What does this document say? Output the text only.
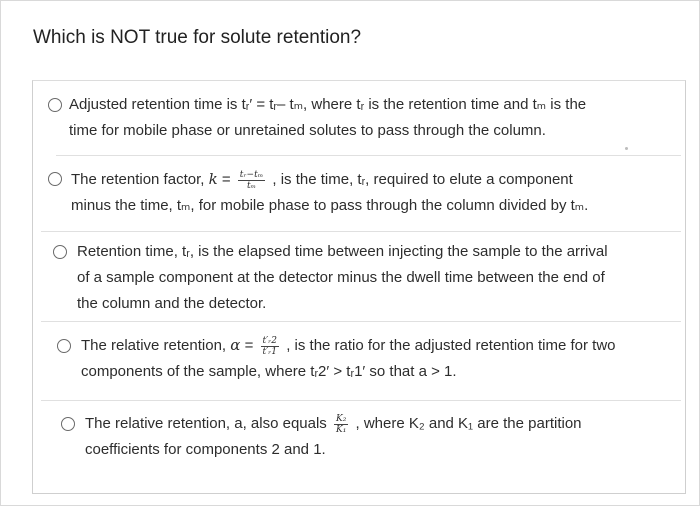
Which is NOT true for solute retention?
Adjusted retention time is tᵣ′ = tᵣ– tₘ, where tᵣ is the retention time and tₘ is the
time for mobile phase or unretained solutes to pass through the column.
The retention factor, $k = \frac{\text{tᵣ−tₘ}}{\text{tₘ}}$ , is the time, tᵣ, required to elute a component
minus the time, tₘ, for mobile phase to pass through the column divided by tₘ.
Retention time, tᵣ, is the elapsed time between injecting the sample to the arrival
of a sample component at the detector minus the dwell time between the end of
the column and the detector.
The relative retention, $\alpha = \frac{\text{t′ᵣ2}}{\text{t′ᵣ1}}$ , is the ratio for the adjusted retention time for two
components of the sample, where tᵣ2′ > tᵣ1′ so that a > 1.
The relative retention, a, also equals $\frac{\text{K₂}}{\text{K₁}}$ , where K₂ and K₁ are the partition
coefficients for components 2 and 1.
